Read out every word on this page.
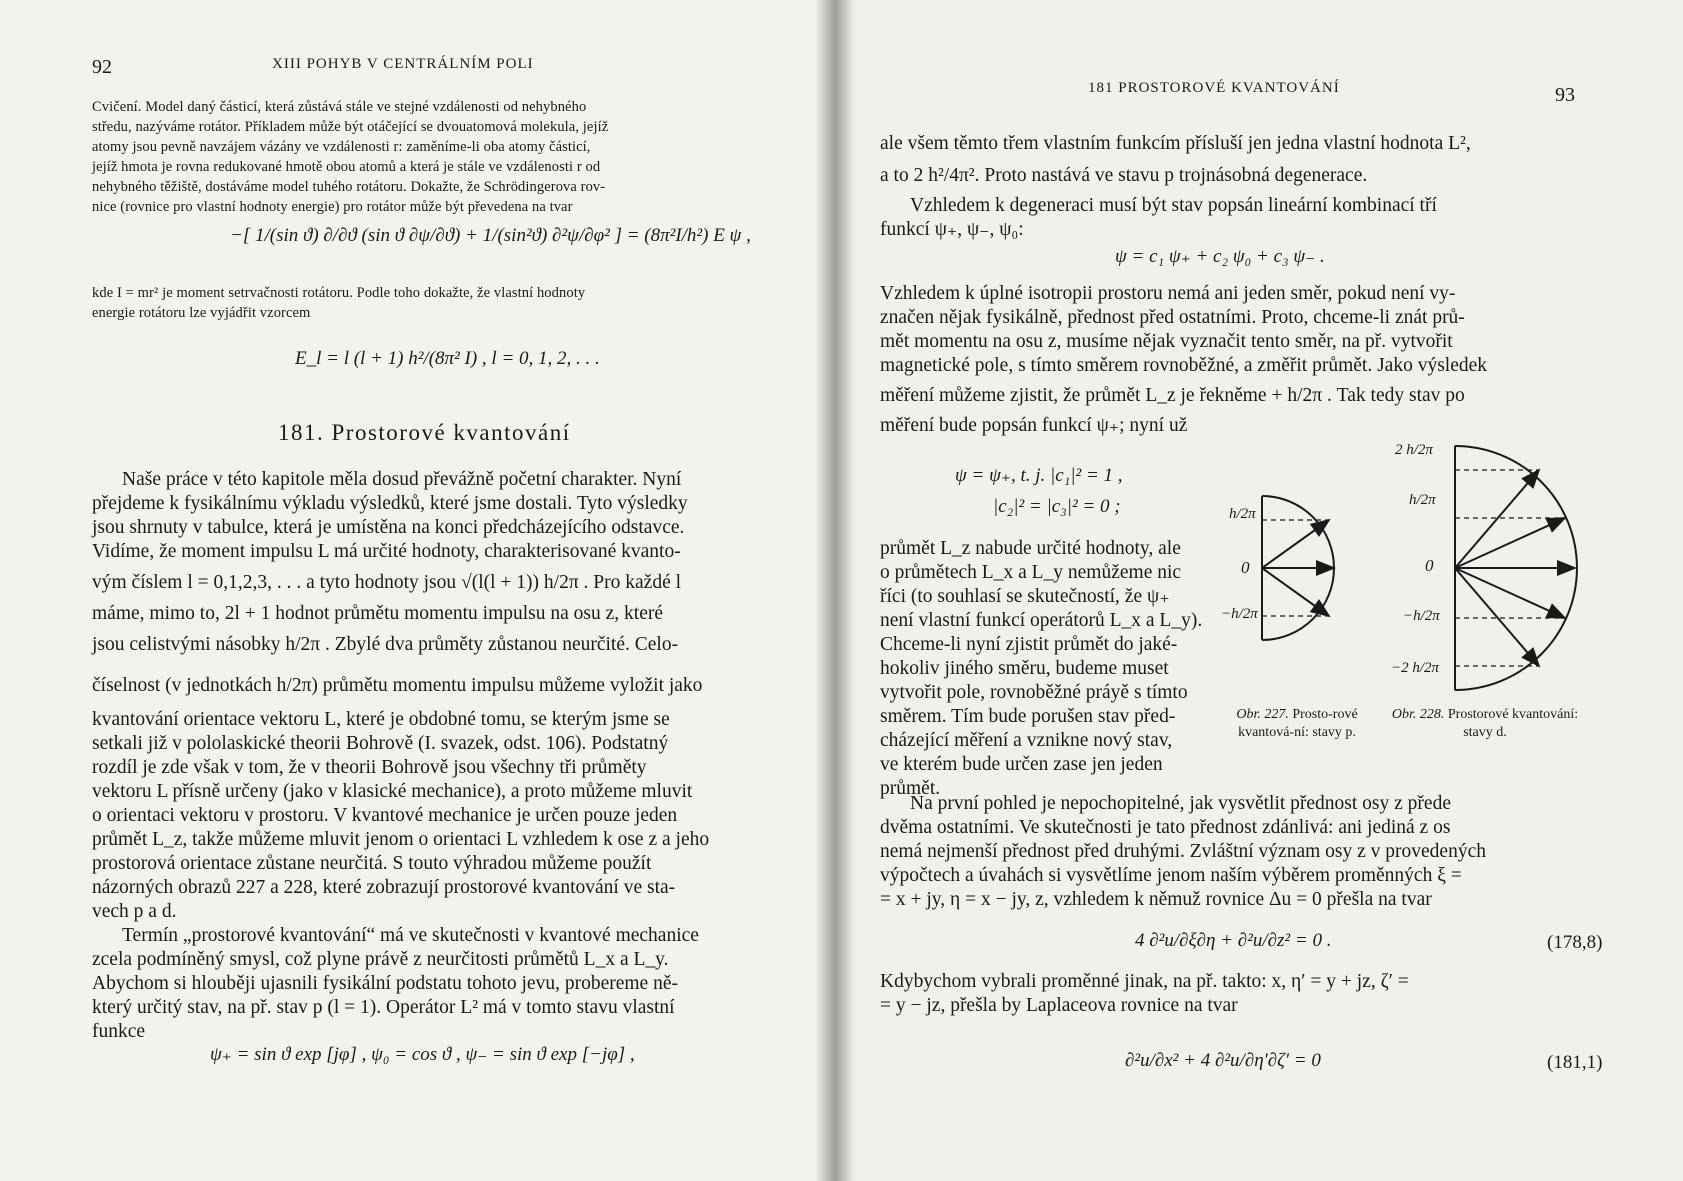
92	XIII POHYB V CENTRÁLNÍM POLI
Cvičení. Model daný částicí, která zůstává stále ve stejné vzdálenosti od nehybného
středu, nazýváme rotátor. Příkladem může být otáčející se dvouatomová molekula, jejíž
atomy jsou pevně navzájem vázány ve vzdálenosti r: zaměníme-li oba atomy částicí,
jejíž hmota je rovna redukované hmotě obou atomů a která je stále ve vzdálenosti r od
nehybného těžiště, dostáváme model tuhého rotátoru. Dokažte, že Schrödingerova rov-
nice (rovnice pro vlastní hodnoty energie) pro rotátor může být převedena na tvar
−[ 1/(sin ϑ) ∂/∂ϑ (sin ϑ ∂ψ/∂ϑ) + 1/(sin²ϑ) ∂²ψ/∂φ² ] = (8π²I/h²) E ψ ,
kde I = mr² je moment setrvačnosti rotátoru. Podle toho dokažte, že vlastní hodnoty
energie rotátoru lze vyjádřit vzorcem
E_l = l (l + 1) h²/(8π² I) , l = 0, 1, 2, . . .
181. Prostorové kvantování

Naše práce v této kapitole měla dosud převážně početní charakter. Nyní

přejdeme k fysikálnímu výkladu výsledků, které jsme dostali. Tyto výsledky

jsou shrnuty v tabulce, která je umístěna na konci předcházejícího odstavce.

Vidíme, že moment impulsu L má určité hodnoty, charakterisované kvanto-

vým číslem l = 0,1,2,3, . . . a tyto hodnoty jsou √(l(l + 1)) h/2π . Pro každé l

máme, mimo to, 2l + 1 hodnot průmětu momentu impulsu na osu z, které

jsou celistvými násobky h/2π . Zbylé dva průměty zůstanou neurčité. Celo-

číselnost (v jednotkách h/2π) průmětu momentu impulsu můžeme vyložit jako

kvantování orientace vektoru L, které je obdobné tomu, se kterým jsme se

setkali již v pololaskické theorii Bohrově (I. svazek, odst. 106). Podstatný

rozdíl je zde však v tom, že v theorii Bohrově jsou všechny tři průměty

vektoru L přísně určeny (jako v klasické mechanice), a proto můžeme mluvit

o orientaci vektoru v prostoru. V kvantové mechanice je určen pouze jeden

průmět L_z, takže můžeme mluvit jenom o orientaci L vzhledem k ose z a jeho

prostorová orientace zůstane neurčitá. S touto výhradou můžeme použít

názorných obrazů 227 a 228, které zobrazují prostorové kvantování ve sta-

vech p a d.

Termín „prostorové kvantování“ má ve skutečnosti v kvantové mechanice

zcela podmíněný smysl, což plyne právě z neurčitosti průmětů L_x a L_y.

Abychom si hlouběji ujasnili fysikální podstatu tohoto jevu, probereme ně-

který určitý stav, na př. stav p (l = 1). Operátor L² má v tomto stavu vlastní

funkce

ψ₊ = sin ϑ exp [jφ] , ψ₀ = cos ϑ , ψ₋ = sin ϑ exp [−jφ] ,
181 PROSTOROVÉ KVANTOVÁNÍ	93

ale všem těmto třem vlastním funkcím přísluší jen jedna vlastní hodnota L²,

a to 2 h²/4π². Proto nastává ve stavu p trojnásobná degenerace.

Vzhledem k degeneraci musí být stav popsán lineární kombinací tří

funkcí ψ₊, ψ₋, ψ₀:

ψ = c₁ ψ₊ + c₂ ψ₀ + c₃ ψ₋ .

Vzhledem k úplné isotropii prostoru nemá ani jeden směr, pokud není vy-

značen nějak fysikálně, přednost před ostatními. Proto, chceme-li znát prů-

mět momentu na osu z, musíme nějak vyznačit tento směr, na př. vytvořit

magnetické pole, s tímto směrem rovnoběžné, a změřit průmět. Jako výsledek

měření můžeme zjistit, že průmět L_z je řekněme + h/2π . Tak tedy stav po

měření bude popsán funkcí ψ₊; nyní už

ψ = ψ₊, t. j. |c₁|² = 1 ,
|c₂|² = |c₃|² = 0 ;

průmět L_z nabude určité hodnoty, ale

o průmětech L_x a L_y nemůžeme nic

říci (to souhlasí se skutečností, že ψ₊

není vlastní funkcí operátorů L_x a L_y).

Chceme-li nyní zjistit průmět do jaké-

hokoliv jiného směru, budeme muset

vytvořit pole, rovnoběžné práyě s tímto

směrem. Tím bude porušen stav před-

cházející měření a vznikne nový stav,

ve kterém bude určen zase jen jeden

průmět.

h/2π
0
−h/2π
Obr. 227. Prosto-rové kvantová-ní: stavy p.
2 h/2π
h/2π
0
−h/2π
−2 h/2π
Obr. 228. Prostorové kvantování: stavy d.

Na první pohled je nepochopitelné, jak vysvětlit přednost osy z přede

dvěma ostatními. Ve skutečnosti je tato přednost zdánlivá: ani jediná z os

nemá nejmenší přednost před druhými. Zvláštní význam osy z v provedených

výpočtech a úvahách si vysvětlíme jenom naším výběrem proměnných ξ =

= x + jy, η = x − jy, z, vzhledem k němuž rovnice Δu = 0 přešla na tvar

4 ∂²u/∂ξ∂η + ∂²u/∂z² = 0 .	(178,8)

Kdybychom vybrali proměnné jinak, na př. takto: x, η′ = y + jz, ζ′ =

= y − jz, přešla by Laplaceova rovnice na tvar

∂²u/∂x² + 4 ∂²u/∂η′∂ζ′ = 0	(181,1)
